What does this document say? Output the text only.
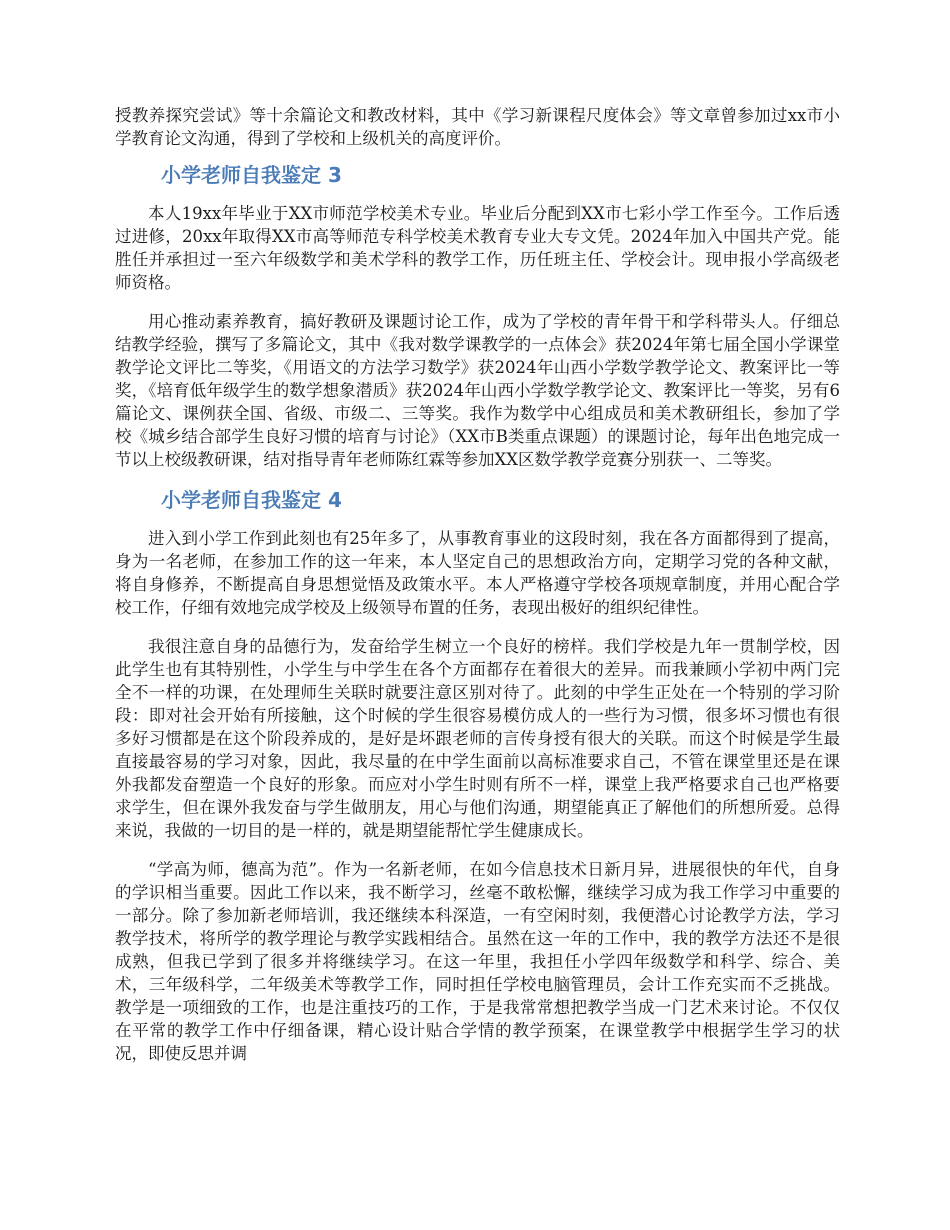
授教养探究尝试》等十余篇论文和教改材料，其中《学习新课程尺度体会》等文章曾参加过xx市小学教育论文沟通，得到了学校和上级机关的高度评价。

小学老师自我鉴定 3

本人19xx年毕业于XX市师范学校美术专业。毕业后分配到XX市七彩小学工作至今。工作后透过进修，20xx年取得XX市高等师范专科学校美术教育专业大专文凭。2024年加入中国共产党。能胜任并承担过一至六年级数学和美术学科的教学工作，历任班主任、学校会计。现申报小学高级老师资格。

用心推动素养教育，搞好教研及课题讨论工作，成为了学校的青年骨干和学科带头人。仔细总结教学经验，撰写了多篇论文，其中《我对数学课教学的一点体会》获2024年第七届全国小学课堂教学论文评比二等奖，《用语文的方法学习数学》获2024年山西小学数学教学论文、教案评比一等奖，《培育低年级学生的数学想象潜质》获2024年山西小学数学教学论文、教案评比一等奖，另有6篇论文、课例获全国、省级、市级二、三等奖。我作为数学中心组成员和美术教研组长，参加了学校《城乡结合部学生良好习惯的培育与讨论》（XX市B类重点课题）的课题讨论，每年出色地完成一节以上校级教研课，结对指导青年老师陈红霖等参加XX区数学教学竞赛分别获一、二等奖。

小学老师自我鉴定 4

进入到小学工作到此刻也有25年多了，从事教育事业的这段时刻，我在各方面都得到了提高，身为一名老师，在参加工作的这一年来，本人坚定自己的思想政治方向，定期学习党的各种文献，将自身修养，不断提高自身思想觉悟及政策水平。本人严格遵守学校各项规章制度，并用心配合学校工作，仔细有效地完成学校及上级领导布置的任务，表现出极好的组织纪律性。

我很注意自身的品德行为，发奋给学生树立一个良好的榜样。我们学校是九年一贯制学校，因此学生也有其特别性，小学生与中学生在各个方面都存在着很大的差异。而我兼顾小学初中两门完全不一样的功课，在处理师生关联时就要注意区别对待了。此刻的中学生正处在一个特别的学习阶段：即对社会开始有所接触，这个时候的学生很容易模仿成人的一些行为习惯，很多坏习惯也有很多好习惯都是在这个阶段养成的，是好是坏跟老师的言传身授有很大的关联。而这个时候是学生最直接最容易的学习对象，因此，我尽量的在中学生面前以高标准要求自己，不管在课堂里还是在课外我都发奋塑造一个良好的形象。而应对小学生时则有所不一样，课堂上我严格要求自己也严格要求学生，但在课外我发奋与学生做朋友，用心与他们沟通，期望能真正了解他们的所想所爱。总得来说，我做的一切目的是一样的，就是期望能帮忙学生健康成长。

“学高为师，德高为范”。作为一名新老师，在如今信息技术日新月异，进展很快的年代，自身的学识相当重要。因此工作以来，我不断学习，丝毫不敢松懈，继续学习成为我工作学习中重要的一部分。除了参加新老师培训，我还继续本科深造，一有空闲时刻，我便潜心讨论教学方法，学习教学技术，将所学的教学理论与教学实践相结合。虽然在这一年的工作中，我的教学方法还不是很成熟，但我已学到了很多并将继续学习。在这一年里，我担任小学四年级数学和科学、综合、美术，三年级科学，二年级美术等教学工作，同时担任学校电脑管理员，会计工作充实而不乏挑战。教学是一项细致的工作，也是注重技巧的工作，于是我常常想把教学当成一门艺术来讨论。不仅仅在平常的教学工作中仔细备课，精心设计贴合学情的教学预案，在课堂教学中根据学生学习的状况，即使反思并调
